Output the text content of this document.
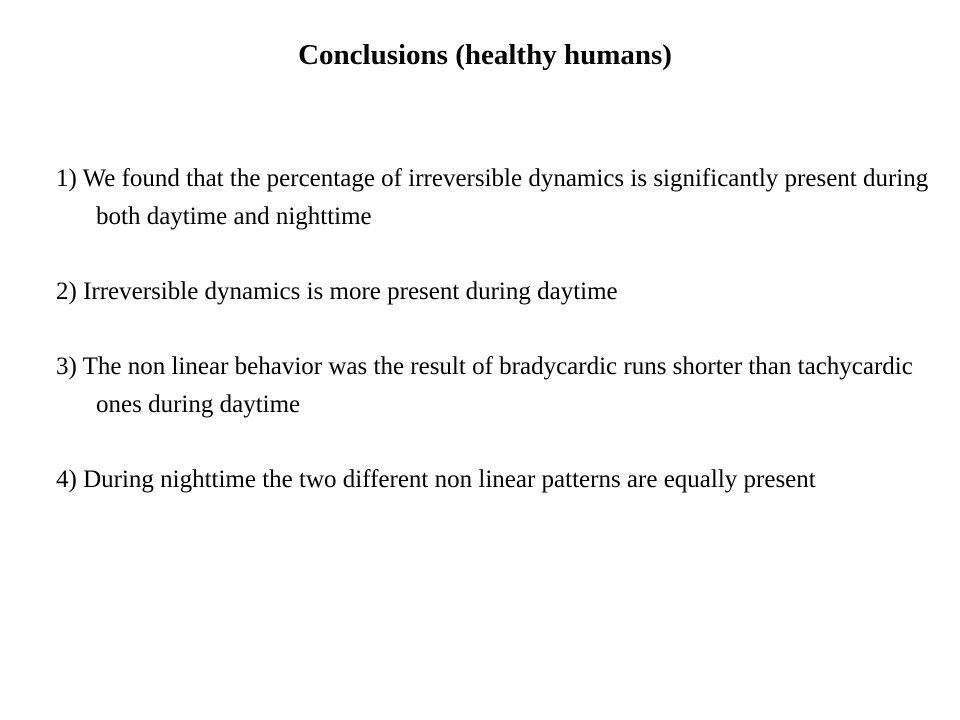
Conclusions (healthy humans)
1) We found that the percentage of irreversible dynamics is significantly present during both daytime and nighttime
2) Irreversible dynamics is more present during daytime
3) The non linear behavior was the result of bradycardic runs shorter than tachycardic ones during daytime
4) During nighttime the two different non linear patterns are equally present
